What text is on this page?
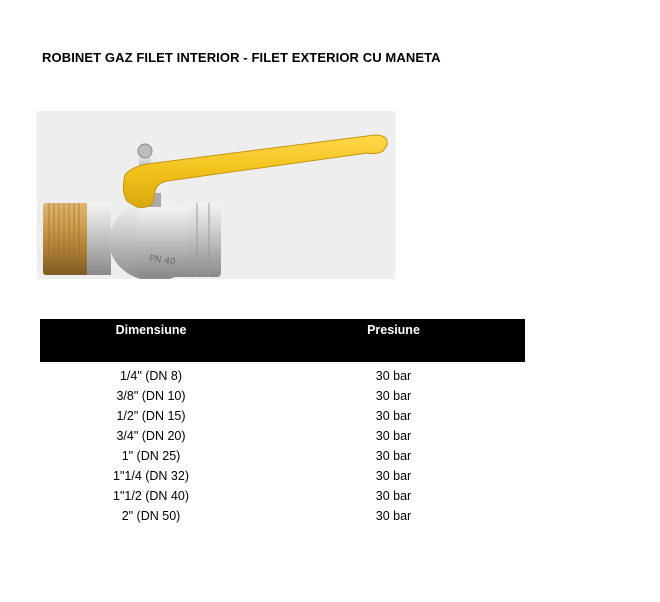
ROBINET GAZ FILET INTERIOR - FILET EXTERIOR CU MANETA
PN 40
Dimensiune	Presiune
1/4" (DN 8)	30 bar
3/8" (DN 10)	30 bar
1/2" (DN 15)	30 bar
3/4" (DN 20)	30 bar
1" (DN 25)	30 bar
1"1/4 (DN 32)	30 bar
1"1/2 (DN 40)	30 bar
2" (DN 50)	30 bar
